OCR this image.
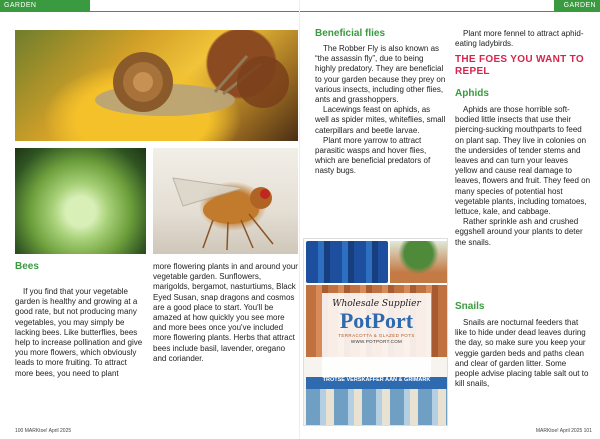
GARDEN	GARDEN
Bees

If you find that your vegetable garden is healthy and growing at a good rate, but not producing many vegetables, you may simply be lacking bees. Like butterflies, bees help to increase pollination and give you more flowers, which obviously leads to more fruiting. To attract more bees, you need to plant

more flowering plants in and around your vegetable garden. Sunflowers, marigolds, bergamot, nasturtiums, Black Eyed Susan, snap dragons and cosmos are a good place to start. You'll be amazed at how quickly you see more and more bees once you've included more flowering plants. Herbs that attract bees include basil, lavender, oregano and coriander.

Beneficial flies

The Robber Fly is also known as “the assassin fly”, due to being highly predatory. They are beneficial to your garden because they prey on various insects, including other flies, ants and grasshoppers.

Lacewings feast on aphids, as well as spider mites, whiteflies, small caterpillars and beetle larvae.

Plant more yarrow to attract parasitic wasps and hover flies, which are beneficial predators of nasty bugs.

Plant more fennel to attract aphid-eating ladybirds.

THE FOES YOU WANT TO REPEL
Aphids

Aphids are those horrible soft-bodied little insects that use their piercing-sucking mouthparts to feed on plant sap. They live in colonies on the undersides of tender stems and leaves and can turn your leaves yellow and cause real damage to leaves, flowers and fruit. They feed on many species of potential host vegetable plants, including tomatoes, lettuce, kale, and cabbage.

Rather sprinkle ash and crushed eggshell around your plants to deter the snails.

Snails

Snails are nocturnal feeders that like to hide under dead leaves during the day, so make sure you keep your veggie garden beds and paths clean and clear of garden litter. Some people advise placing table salt out to kill snails,

Wholesale Supplier
PotPort
TERRACOTTA & GLAZED POTS
WWW.POTPORT.COM
TROTSE VERSKAFFER AAN & GRIMARK
100 MARKtoe! April 2025	MARKtoe! April 2025 101
